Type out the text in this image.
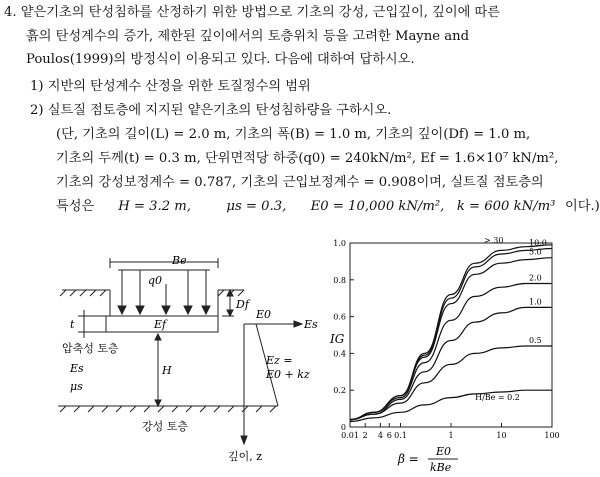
4. 얕은기초의 탄성침하를 산정하기 위한 방법으로 기초의 강성, 근입깊이, 깊이에 따른
흙의 탄성계수의 증가, 제한된 깊이에서의 토층위치 등을 고려한 Mayne and
Poulos(1999)의 방정식이 이용되고 있다. 다음에 대하여 답하시오.
1) 지반의 탄성계수 산정을 위한 토질정수의 범위
2) 실트질 점토층에 지지된 얕은기초의 탄성침하량을 구하시오.
(단, 기초의 길이(L) = 2.0 m, 기초의 폭(B) = 1.0 m, 기초의 깊이(Df) = 1.0 m,
기초의 두께(t) = 0.3 m, 단위면적당 하중(q0) = 240kN/m², Ef = 1.6×10⁷ kN/m²,
기초의 강성보정계수 = 0.787, 기초의 근입보정계수 = 0.908이며, 실트질 점토층의
특성은 H = 3.2 m,	μs = 0.3, E0 = 10,000 kN/m², k = 600 kN/m³ 이다.)
Be
q0
t
Df
Ef
E0
Es
H
압축성 토층
Es
μs
Ez =
E0 + kz
강성 토층
깊이, z
0
0.2
0.4
0.6
0.8
1.0
0.01 2 4 6 0.1	1	10	100
> 30	10.0
5.0
2.0
1.0
0.5
H/Be = 0.2
IG
β =
E0
kBe
